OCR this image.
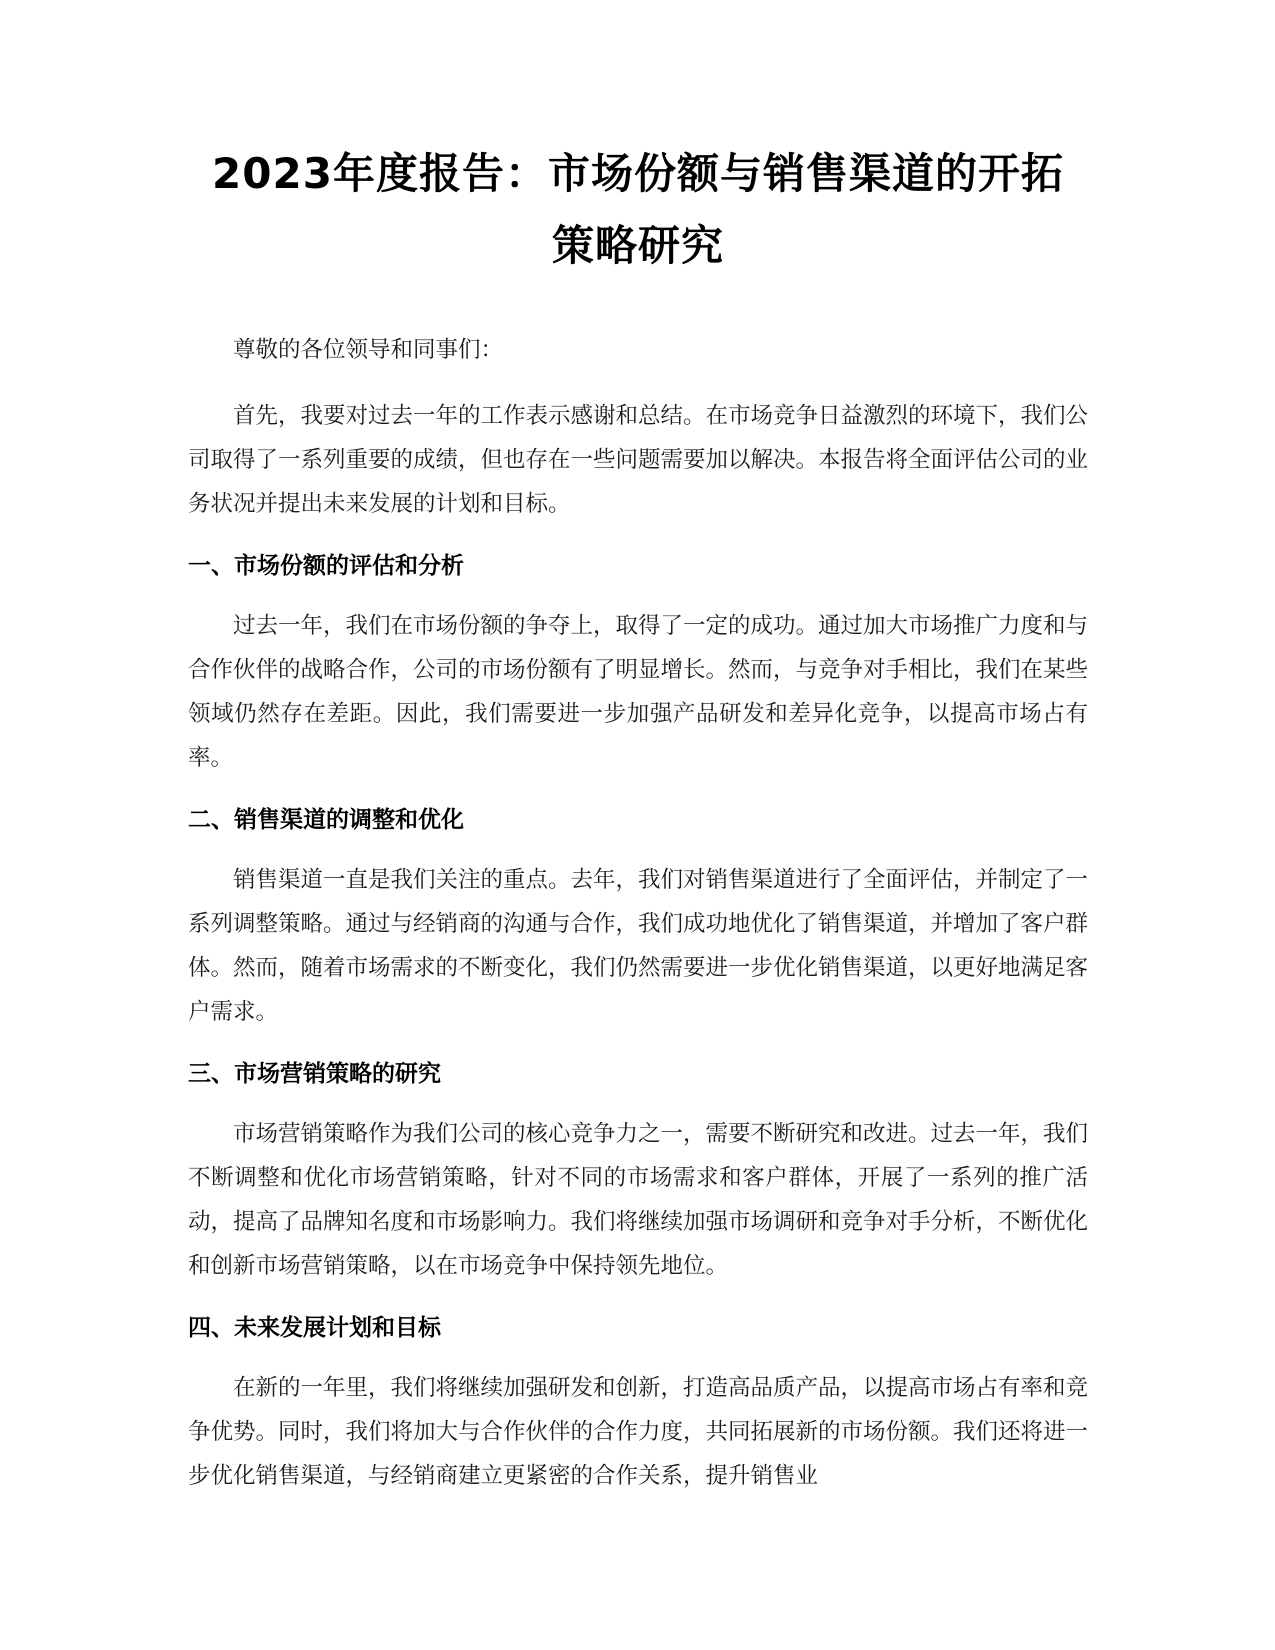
2023年度报告：市场份额与销售渠道的开拓
策略研究

尊敬的各位领导和同事们：

首先，我要对过去一年的工作表示感谢和总结。在市场竞争日益激烈的环境下，我们公司取得了一系列重要的成绩，但也存在一些问题需要加以解决。本报告将全面评估公司的业务状况并提出未来发展的计划和目标。

一、市场份额的评估和分析

过去一年，我们在市场份额的争夺上，取得了一定的成功。通过加大市场推广力度和与合作伙伴的战略合作，公司的市场份额有了明显增长。然而，与竞争对手相比，我们在某些领域仍然存在差距。因此，我们需要进一步加强产品研发和差异化竞争，以提高市场占有率。

二、销售渠道的调整和优化

销售渠道一直是我们关注的重点。去年，我们对销售渠道进行了全面评估，并制定了一系列调整策略。通过与经销商的沟通与合作，我们成功地优化了销售渠道，并增加了客户群体。然而，随着市场需求的不断变化，我们仍然需要进一步优化销售渠道，以更好地满足客户需求。

三、市场营销策略的研究

市场营销策略作为我们公司的核心竞争力之一，需要不断研究和改进。过去一年，我们不断调整和优化市场营销策略，针对不同的市场需求和客户群体，开展了一系列的推广活动，提高了品牌知名度和市场影响力。我们将继续加强市场调研和竞争对手分析，不断优化和创新市场营销策略，以在市场竞争中保持领先地位。

四、未来发展计划和目标

在新的一年里，我们将继续加强研发和创新，打造高品质产品，以提高市场占有率和竞争优势。同时，我们将加大与合作伙伴的合作力度，共同拓展新的市场份额。我们还将进一步优化销售渠道，与经销商建立更紧密的合作关系，提升销售业
